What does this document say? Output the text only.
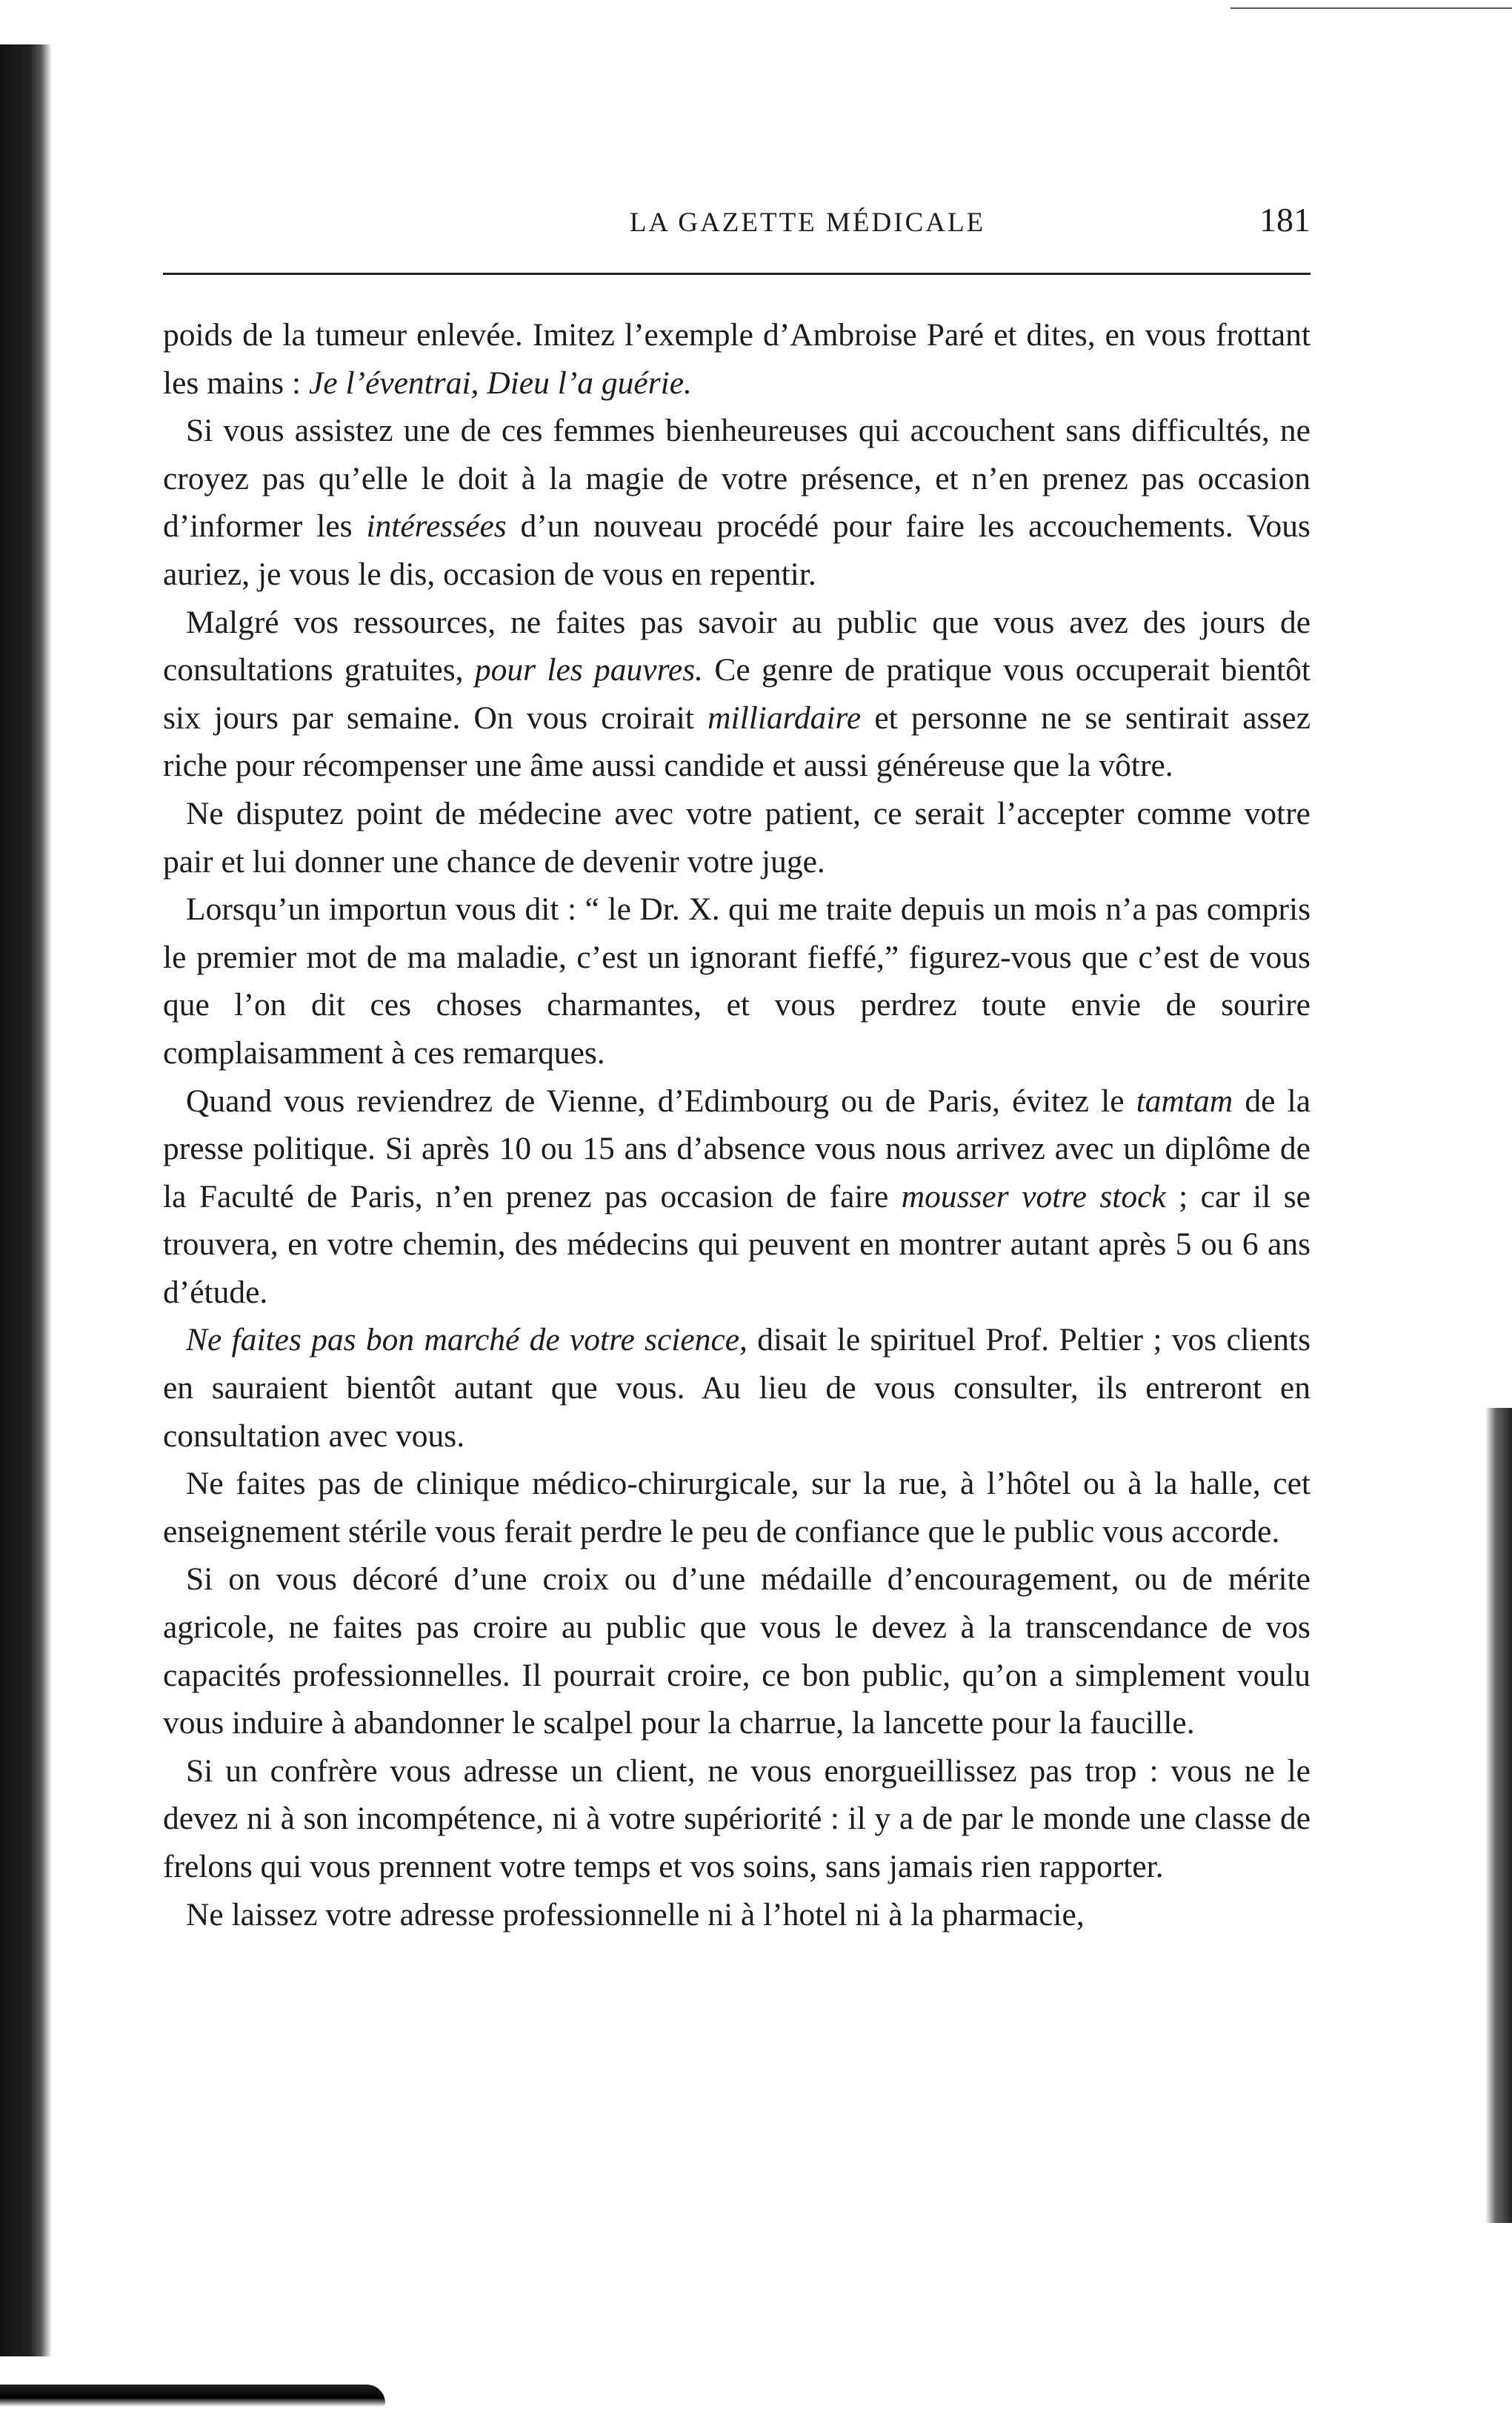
LA GAZETTE MÉDICALE	181

poids de la tumeur enlevée. Imitez l’exemple d’Ambroise Paré et dites, en vous frottant les mains : Je l’éventrai, Dieu l’a guérie.

Si vous assistez une de ces femmes bienheureuses qui accouchent sans difficultés, ne croyez pas qu’elle le doit à la magie de votre présence, et n’en prenez pas occasion d’informer les intéressées d’un nouveau procédé pour faire les accouchements. Vous auriez, je vous le dis, occasion de vous en repentir.

Malgré vos ressources, ne faites pas savoir au public que vous avez des jours de consultations gratuites, pour les pauvres. Ce genre de pratique vous occuperait bientôt six jours par semaine. On vous croirait milliardaire et personne ne se sentirait assez riche pour récompenser une âme aussi candide et aussi généreuse que la vôtre.

Ne disputez point de médecine avec votre patient, ce serait l’accepter comme votre pair et lui donner une chance de devenir votre juge.

Lorsqu’un importun vous dit : “ le Dr. X. qui me traite depuis un mois n’a pas compris le premier mot de ma maladie, c’est un ignorant fieffé,” figurez-vous que c’est de vous que l’on dit ces choses charmantes, et vous perdrez toute envie de sourire complaisamment à ces remarques.

Quand vous reviendrez de Vienne, d’Edimbourg ou de Paris, évitez le tamtam de la presse politique. Si après 10 ou 15 ans d’absence vous nous arrivez avec un diplôme de la Faculté de Paris, n’en prenez pas occasion de faire mousser votre stock ; car il se trouvera, en votre chemin, des médecins qui peuvent en montrer autant après 5 ou 6 ans d’étude.

Ne faites pas bon marché de votre science, disait le spirituel Prof. Peltier ; vos clients en sauraient bientôt autant que vous. Au lieu de vous consulter, ils entreront en consultation avec vous.

Ne faites pas de clinique médico-chirurgicale, sur la rue, à l’hôtel ou à la halle, cet enseignement stérile vous ferait perdre le peu de confiance que le public vous accorde.

Si on vous décoré d’une croix ou d’une médaille d’encouragement, ou de mérite agricole, ne faites pas croire au public que vous le devez à la transcendance de vos capacités professionnelles. Il pourrait croire, ce bon public, qu’on a simplement voulu vous induire à abandonner le scalpel pour la charrue, la lancette pour la faucille.

Si un confrère vous adresse un client, ne vous enorgueillissez pas trop : vous ne le devez ni à son incompétence, ni à votre supériorité : il y a de par le monde une classe de frelons qui vous prennent votre temps et vos soins, sans jamais rien rapporter.

Ne laissez votre adresse professionnelle ni à l’hotel ni à la pharmacie,
